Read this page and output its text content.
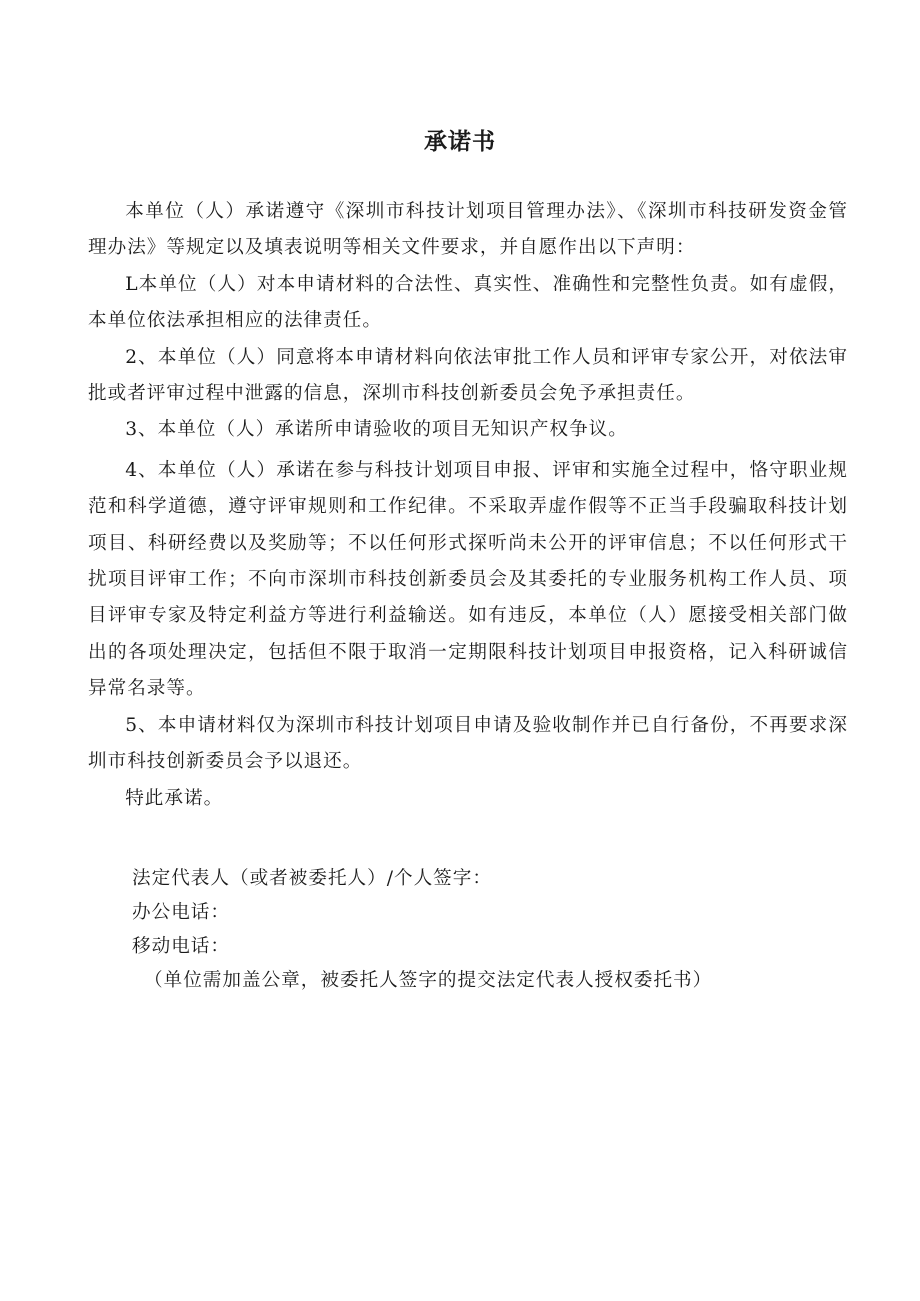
承诺书

本单位（人）承诺遵守《深圳市科技计划项目管理办法》、《深圳市科技研发资金管理办法》等规定以及填表说明等相关文件要求，并自愿作出以下声明：

L本单位（人）对本申请材料的合法性、真实性、准确性和完整性负责。如有虚假，本单位依法承担相应的法律责任。

2、本单位（人）同意将本申请材料向依法审批工作人员和评审专家公开，对依法审批或者评审过程中泄露的信息，深圳市科技创新委员会免予承担责任。

3、本单位（人）承诺所申请验收的项目无知识产权争议。

4、本单位（人）承诺在参与科技计划项目申报、评审和实施全过程中，恪守职业规范和科学道德，遵守评审规则和工作纪律。不采取弄虚作假等不正当手段骗取科技计划项目、科研经费以及奖励等；不以任何形式探听尚未公开的评审信息；不以任何形式干扰项目评审工作；不向市深圳市科技创新委员会及其委托的专业服务机构工作人员、项目评审专家及特定利益方等进行利益输送。如有违反，本单位（人）愿接受相关部门做出的各项处理决定，包括但不限于取消一定期限科技计划项目申报资格，记入科研诚信异常名录等。

5、本申请材料仅为深圳市科技计划项目申请及验收制作并已自行备份，不再要求深圳市科技创新委员会予以退还。

特此承诺。

法定代表人（或者被委托人）/个人签字：
办公电话：
移动电话：
（单位需加盖公章，被委托人签字的提交法定代表人授权委托书）
